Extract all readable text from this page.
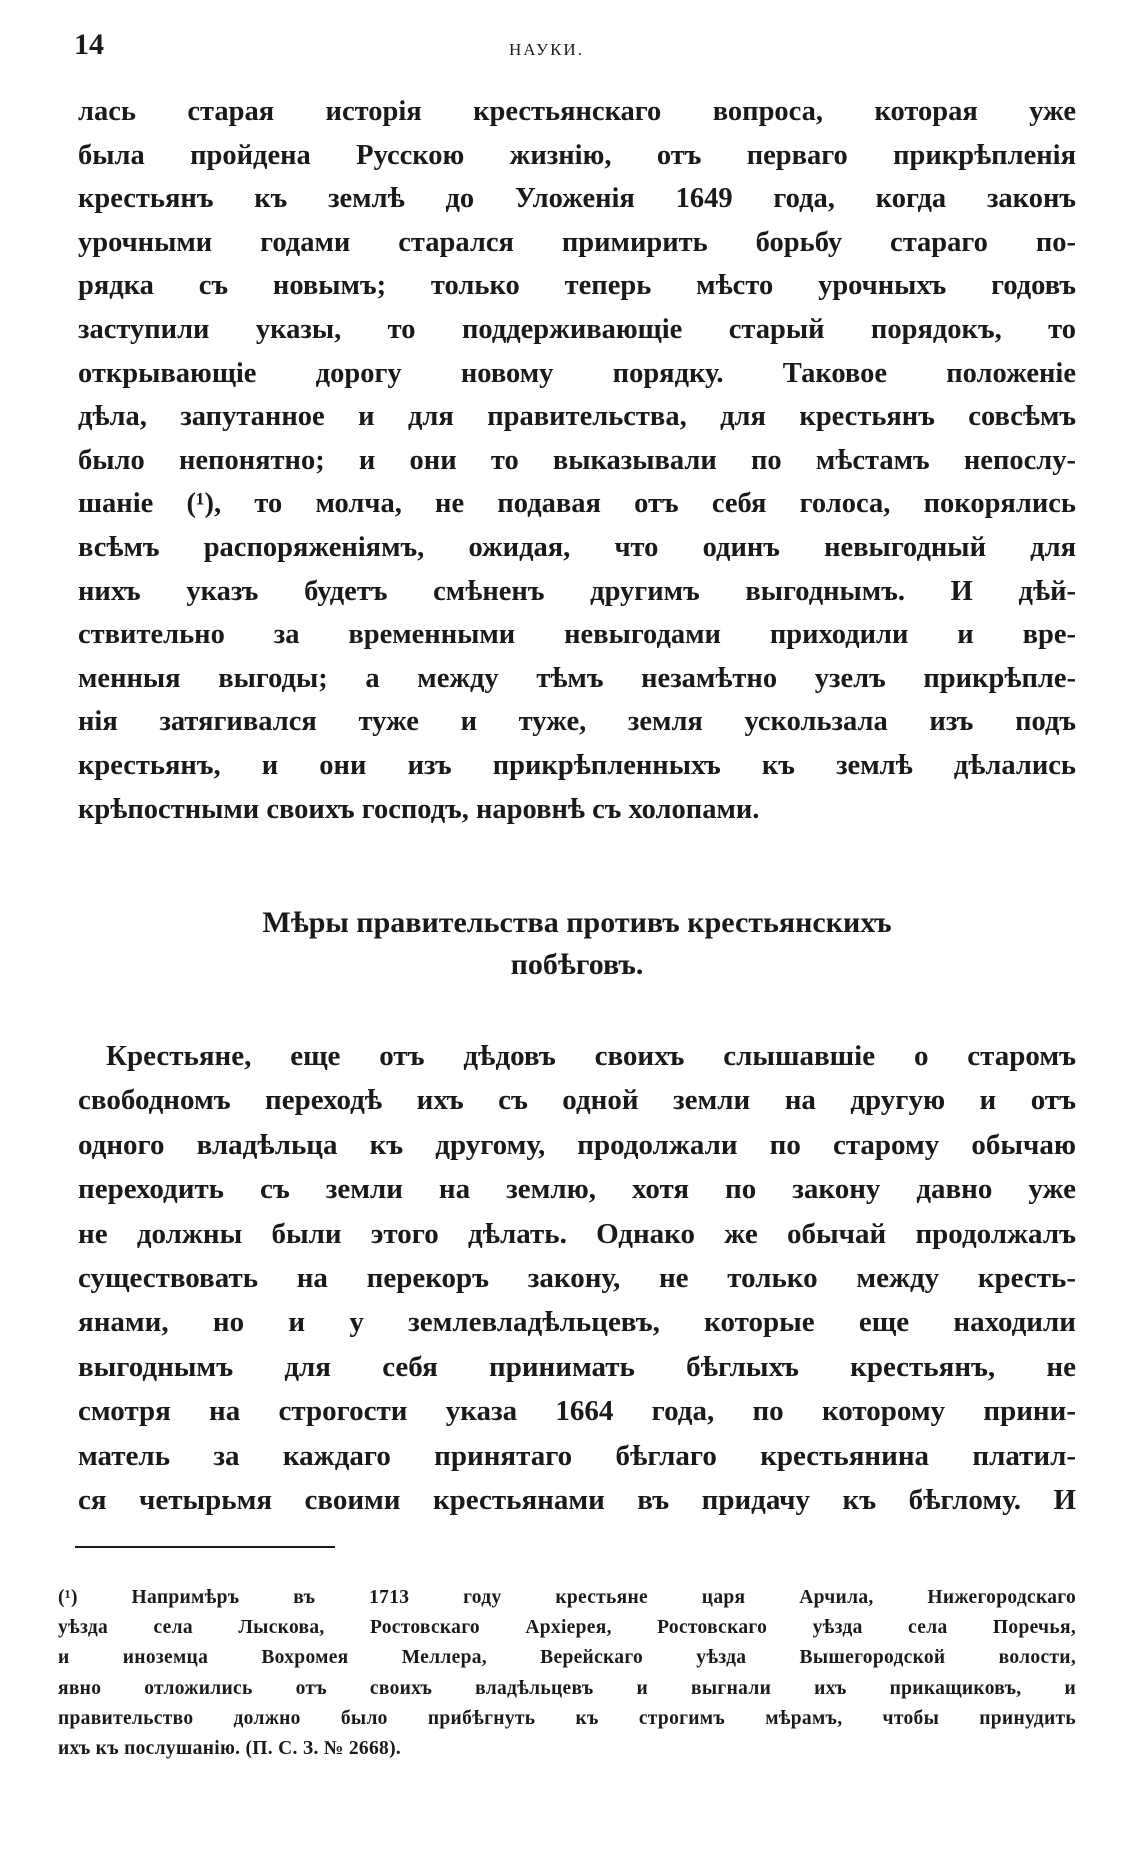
14	НАУКИ.
лась старая исторія крестьянскаго вопроса, которая уже
была пройдена Русскою жизнію, отъ перваго прикрѣпленія
крестьянъ къ землѣ до Уложенія 1649 года, когда законъ
урочными годами старался примирить борьбу стараго по-
рядка съ новымъ; только теперь мѣсто урочныхъ годовъ
заступили указы, то поддерживающіе старый порядокъ, то
открывающіе дорогу новому порядку. Таковое положеніе
дѣла, запутанное и для правительства, для крестьянъ совсѣмъ
было непонятно; и они то выказывали по мѣстамъ непослу-
шаніе (¹), то молча, не подавая отъ себя голоса, покорялись
всѣмъ распоряженіямъ, ожидая, что одинъ невыгодный для
нихъ указъ будетъ смѣненъ другимъ выгоднымъ. И дѣй-
ствительно за временными невыгодами приходили и вре-
менныя выгоды; а между тѣмъ незамѣтно узелъ прикрѣпле-
нія затягивался туже и туже, земля ускользала изъ подъ
крестьянъ, и они изъ прикрѣпленныхъ къ землѣ дѣлались
крѣпостными своихъ господъ, наровнѣ съ холопами.
Мѣры правительства противъ крестьянскихъ
побѣговъ.
Крестьяне, еще отъ дѣдовъ своихъ слышавшіе о старомъ
свободномъ переходѣ ихъ съ одной земли на другую и отъ
одного владѣльца къ другому, продолжали по старому обычаю
переходить съ земли на землю, хотя по закону давно уже
не должны были этого дѣлать. Однако же обычай продолжалъ
существовать на перекоръ закону, не только между кресть-
янами, но и у землевладѣльцевъ, которые еще находили
выгоднымъ для себя принимать бѣглыхъ крестьянъ, не
смотря на строгости указа 1664 года, по которому прини-
матель за каждаго принятаго бѣглаго крестьянина платил-
ся четырьмя своими крестьянами въ придачу къ бѣглому. И
(¹) Напримѣръ въ 1713 году крестьяне царя Арчила, Нижегородскаго
уѣзда села Лыскова, Ростовскаго Архіерея, Ростовскаго уѣзда села Поречья,
и иноземца Вохромея Меллера, Верейскаго уѣзда Вышегородской волости,
явно отложились отъ своихъ владѣльцевъ и выгнали ихъ прикащиковъ, и
правительство должно было прибѣгнуть къ строгимъ мѣрамъ, чтобы принудить
ихъ къ послушанію. (П. С. З. № 2668).
